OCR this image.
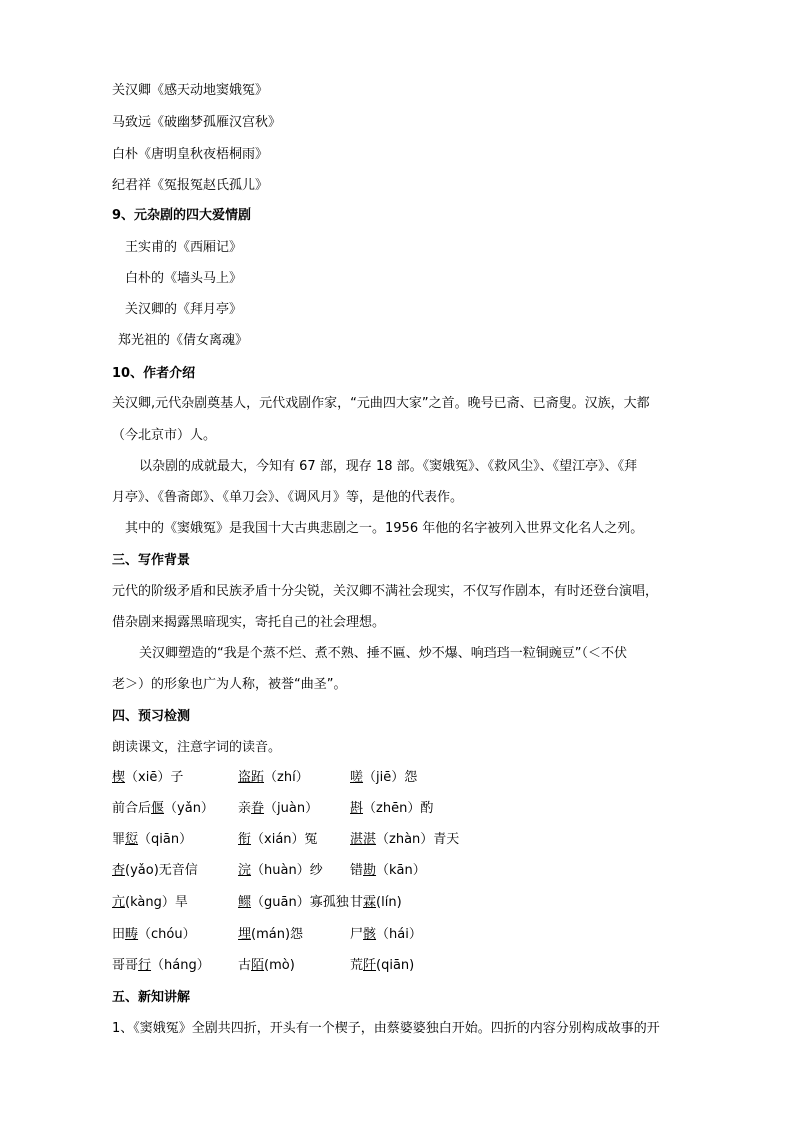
关汉卿《感天动地窦娥冤》
马致远《破幽梦孤雁汉宫秋》
白朴《唐明皇秋夜梧桐雨》
纪君祥《冤报冤赵氏孤儿》
9、元杂剧的四大爱情剧
王实甫的《西厢记》
白朴的《墙头马上》
关汉卿的《拜月亭》
郑光祖的《倩女离魂》
10、作者介绍
关汉卿,元代杂剧奠基人，元代戏剧作家，“元曲四大家”之首。晚号已斋、已斋叟。汉族，大都
（今北京市）人。
以杂剧的成就最大，今知有 67 部，现存 18 部。《窦娥冤》、《救风尘》、《望江亭》、《拜
月亭》、《鲁斋郎》、《单刀会》、《调风月》等，是他的代表作。
其中的《窦娥冤》是我国十大古典悲剧之一。1956 年他的名字被列入世界文化名人之列。
三、写作背景
元代的阶级矛盾和民族矛盾十分尖锐，关汉卿不满社会现实，不仅写作剧本，有时还登台演唱，
借杂剧来揭露黑暗现实，寄托自己的社会理想。
关汉卿塑造的“我是个蒸不烂、煮不熟、捶不匾、炒不爆、响珰珰一粒铜豌豆”（＜不伏
老＞）的形象也广为人称，被誉“曲圣”。
四、预习检测
朗读课文，注意字词的读音。
楔（xiē）子	盗跖（zhí）	嗟（jiē）怨
前合后偃（yǎn） 亲眷（juàn） 斟（zhēn）酌
罪愆（qiān）	衔（xián）冤 湛湛（zhàn）青天
杳(yǎo)无音信	浣（huàn）纱 错勘（kān）
亢(kàng）旱	鳏（guān）寡孤独 甘霖(lín)
田畴（chóu）	埋(mán)怨	尸骸（hái）
哥哥行（háng） 古陌(mò)	荒阡(qiān)
五、新知讲解
1、《窦娥冤》全剧共四折，开头有一个楔子，由蔡婆婆独白开始。四折的内容分别构成故事的开
